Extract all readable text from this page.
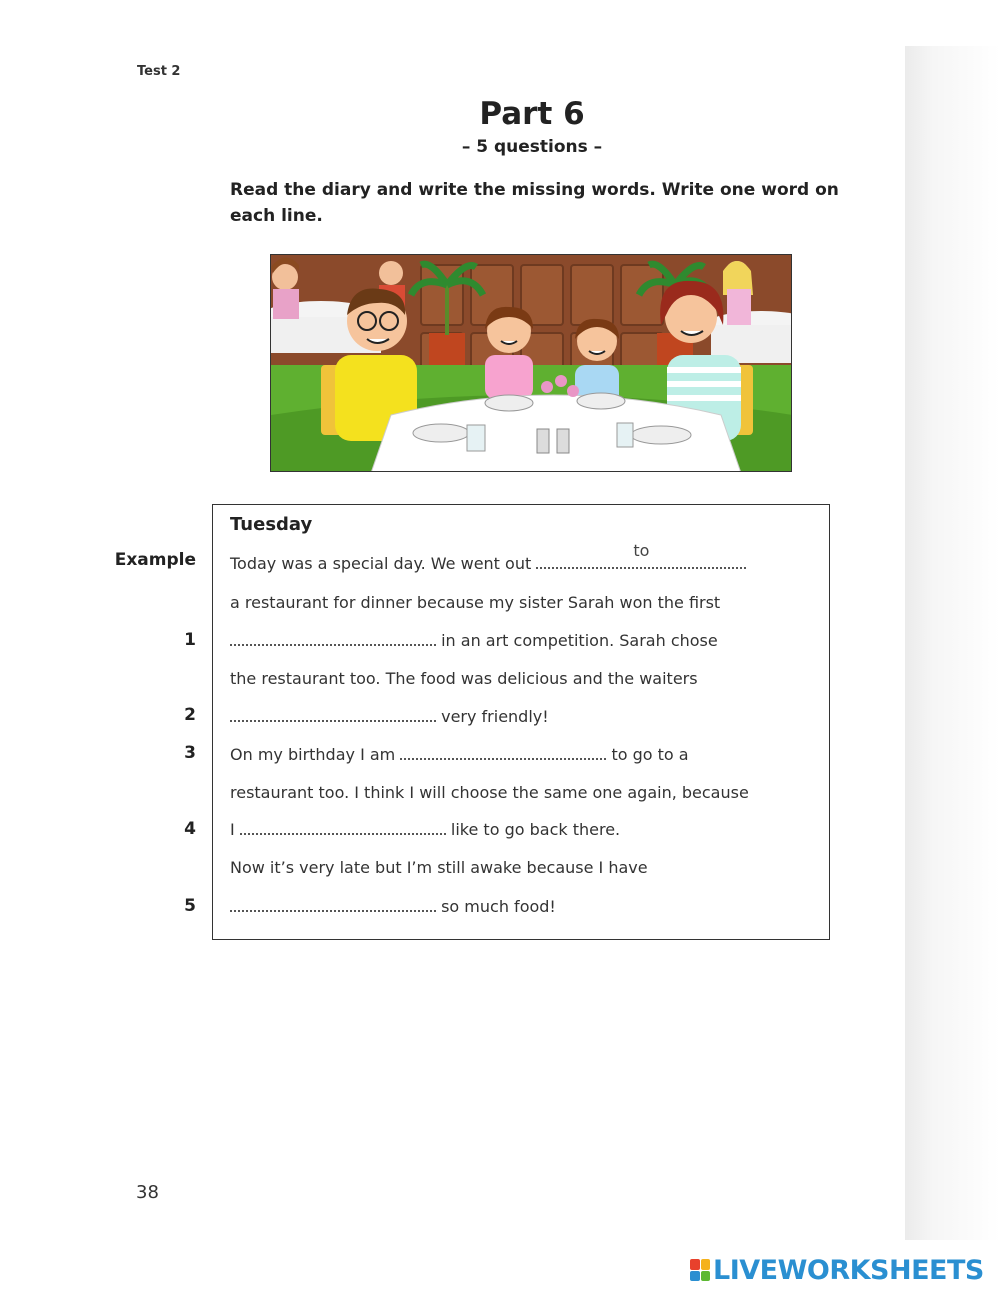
Test 2
Part 6
– 5 questions –
Read the diary and write the missing words. Write one word on each line.
Tuesday
Example Today was a special day. We went out
to
a restaurant for dinner because my sister Sarah won the first
1	in an art competition. Sarah chose
the restaurant too. The food was delicious and the waiters
2	very friendly!
3 On my birthday I am	to go to a
restaurant too. I think I will choose the same one again, because
4 I	like to go back there.
Now it’s very late but I’m still awake because I have
5	so much food!
38
LIVEWORKSHEETS
